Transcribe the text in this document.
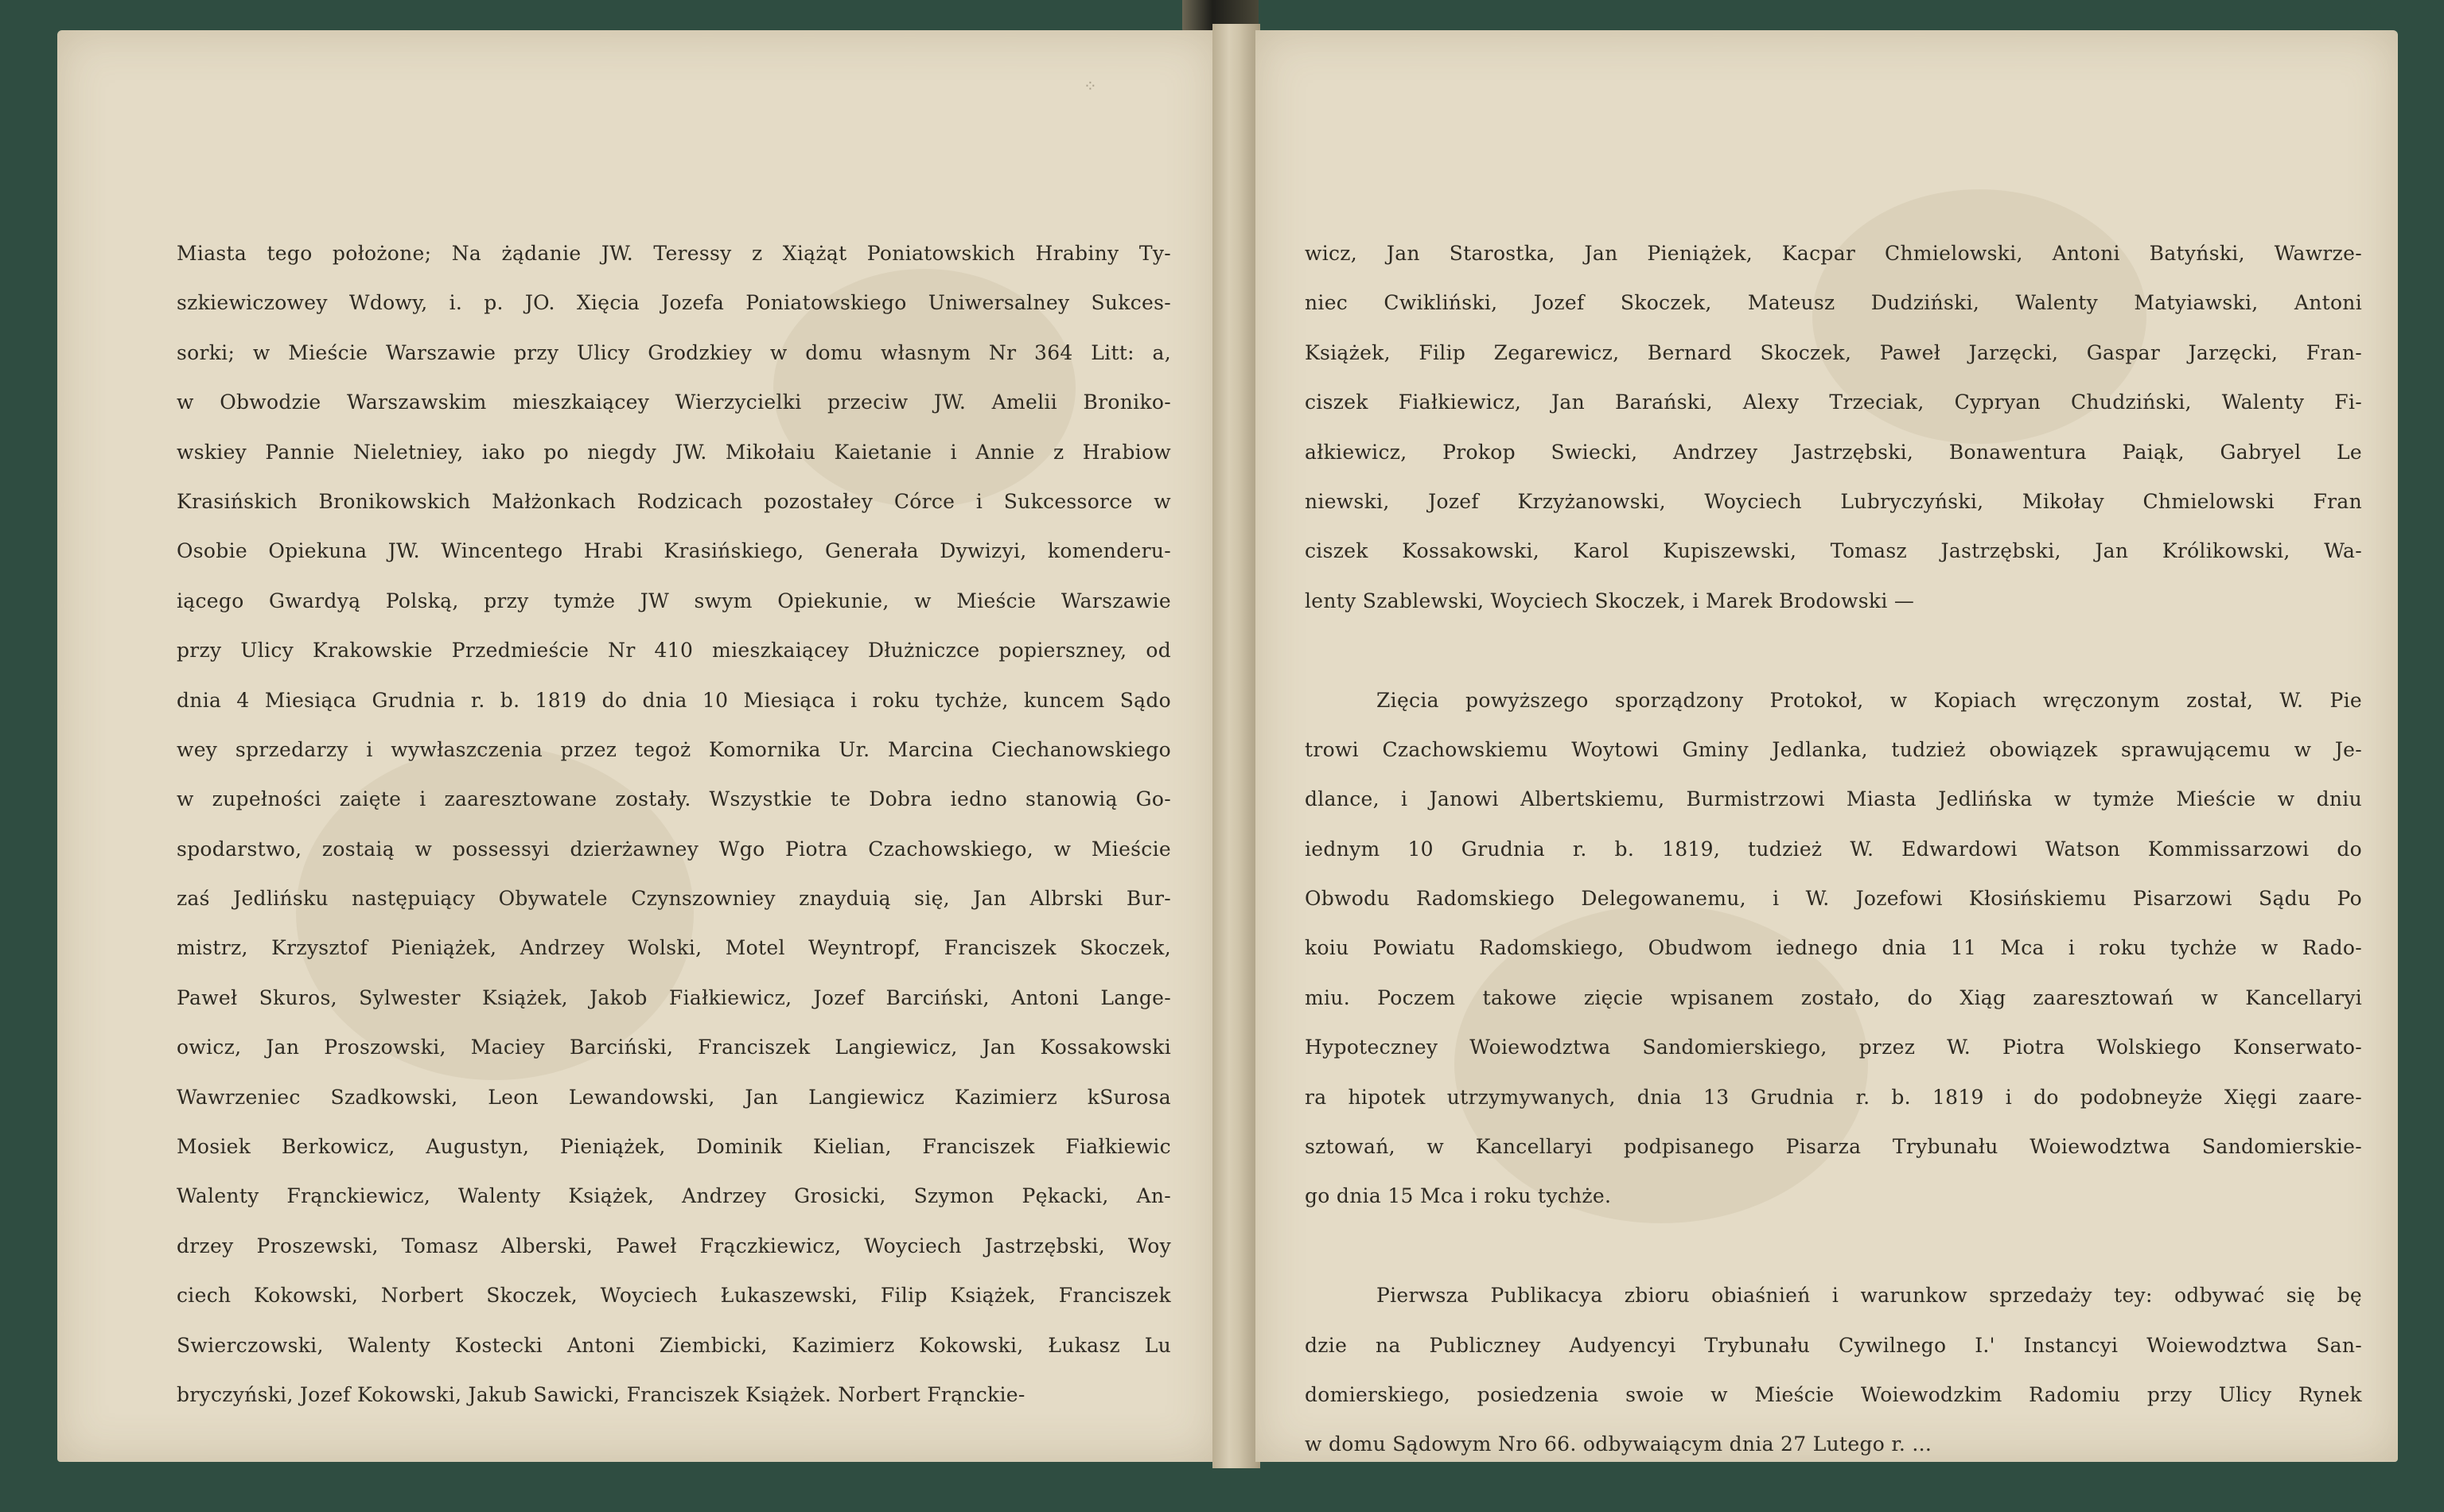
⁘
Miasta tego położone; Na żądanie JW. Teressy z Xiążąt Poniatowskich Hrabiny Ty-
szkiewiczowey Wdowy, i. p. JO. Xięcia Jozefa Poniatowskiego Uniwersalney Sukces-
sorki; w Mieście Warszawie przy Ulicy Grodzkiey w domu własnym Nr 364 Litt: a,
w Obwodzie Warszawskim mieszkaiącey Wierzycielki przeciw JW. Amelii Broniko-
wskiey Pannie Nieletniey, iako po niegdy JW. Mikołaiu Kaietanie i Annie z Hrabiow
Krasińskich Bronikowskich Małżonkach Rodzicach pozostałey Córce i Sukcessorce w
Osobie Opiekuna JW. Wincentego Hrabi Krasińskiego, Generała Dywizyi, komenderu-
iącego Gwardyą Polską, przy tymże JW swym Opiekunie, w Mieście Warszawie
przy Ulicy Krakowskie Przedmieście Nr 410 mieszkaiącey Dłużniczce popierszney, od
dnia 4 Miesiąca Grudnia r. b. 1819 do dnia 10 Miesiąca i roku tychże, kuncem Sądo
wey sprzedarzy i wywłaszczenia przez tegoż Komornika Ur. Marcina Ciechanowskiego
w zupełności zaięte i zaaresztowane zostały. Wszystkie te Dobra iedno stanowią Go-
spodarstwo, zostaią w possessyi dzierżawney Wgo Piotra Czachowskiego, w Mieście
zaś Jedlińsku następuiący Obywatele Czynszowniey znayduią się, Jan Albrski Bur-
mistrz, Krzysztof Pieniążek, Andrzey Wolski, Motel Weyntropf, Franciszek Skoczek,
Paweł Skuros, Sylwester Książek, Jakob Fiałkiewicz, Jozef Barciński, Antoni Lange-
owicz, Jan Proszowski, Maciey Barciński, Franciszek Langiewicz, Jan Kossakowski
Wawrzeniec Szadkowski, Leon Lewandowski, Jan Langiewicz Kazimierz kSurosa
Mosiek Berkowicz, Augustyn, Pieniążek, Dominik Kielian, Franciszek Fiałkiewic
Walenty Frąnckiewicz, Walenty Książek, Andrzey Grosicki, Szymon Pękacki, An-
drzey Proszewski, Tomasz Alberski, Paweł Frączkiewicz, Woyciech Jastrzębski, Woy
ciech Kokowski, Norbert Skoczek, Woyciech Łukaszewski, Filip Książek, Franciszek
Swierczowski, Walenty Kostecki Antoni Ziembicki, Kazimierz Kokowski, Łukasz Lu
bryczyński, Jozef Kokowski, Jakub Sawicki, Franciszek Książek. Norbert Frąnckie-
wicz, Jan Starostka, Jan Pieniążek, Kacpar Chmielowski, Antoni Batyński, Wawrze-
niec Cwikliński, Jozef Skoczek, Mateusz Dudziński, Walenty Matyiawski, Antoni
Książek, Filip Zegarewicz, Bernard Skoczek, Paweł Jarzęcki, Gaspar Jarzęcki, Fran-
ciszek Fiałkiewicz, Jan Barański, Alexy Trzeciak, Cypryan Chudziński, Walenty Fi-
ałkiewicz, Prokop Swiecki, Andrzey Jastrzębski, Bonawentura Paiąk, Gabryel Le
niewski, Jozef Krzyżanowski, Woyciech Lubryczyński, Mikołay Chmielowski Fran
ciszek Kossakowski, Karol Kupiszewski, Tomasz Jastrzębski, Jan Królikowski, Wa-
lenty Szablewski, Woyciech Skoczek, i Marek Brodowski —
Zięcia powyższego sporządzony Protokoł, w Kopiach wręczonym został, W. Pie
trowi Czachowskiemu Woytowi Gminy Jedlanka, tudzież obowiązek sprawującemu w Je-
dlance, i Janowi Albertskiemu, Burmistrzowi Miasta Jedlińska w tymże Mieście w dniu
iednym 10 Grudnia r. b. 1819, tudzież W. Edwardowi Watson Kommissarzowi do
Obwodu Radomskiego Delegowanemu, i W. Jozefowi Kłosińskiemu Pisarzowi Sądu Po
koiu Powiatu Radomskiego, Obudwom iednego dnia 11 Mca i roku tychże w Rado-
miu. Poczem takowe zięcie wpisanem zostało, do Xiąg zaaresztowań w Kancellaryi
Hypoteczney Woiewodztwa Sandomierskiego, przez W. Piotra Wolskiego Konserwato-
ra hipotek utrzymywanych, dnia 13 Grudnia r. b. 1819 i do podobneyże Xięgi zaare-
sztowań, w Kancellaryi podpisanego Pisarza Trybunału Woiewodztwa Sandomierskie-
go dnia 15 Mca i roku tychże.
Pierwsza Publikacya zbioru obiaśnień i warunkow sprzedaży tey: odbywać się bę
dzie na Publiczney Audyencyi Trybunału Cywilnego I.' Instancyi Woiewodztwa San-
domierskiego, posiedzenia swoie w Mieście Woiewodzkim Radomiu przy Ulicy Rynek
w domu Sądowym Nro 66. odbywaiącym dnia 27 Lutego r. ...
